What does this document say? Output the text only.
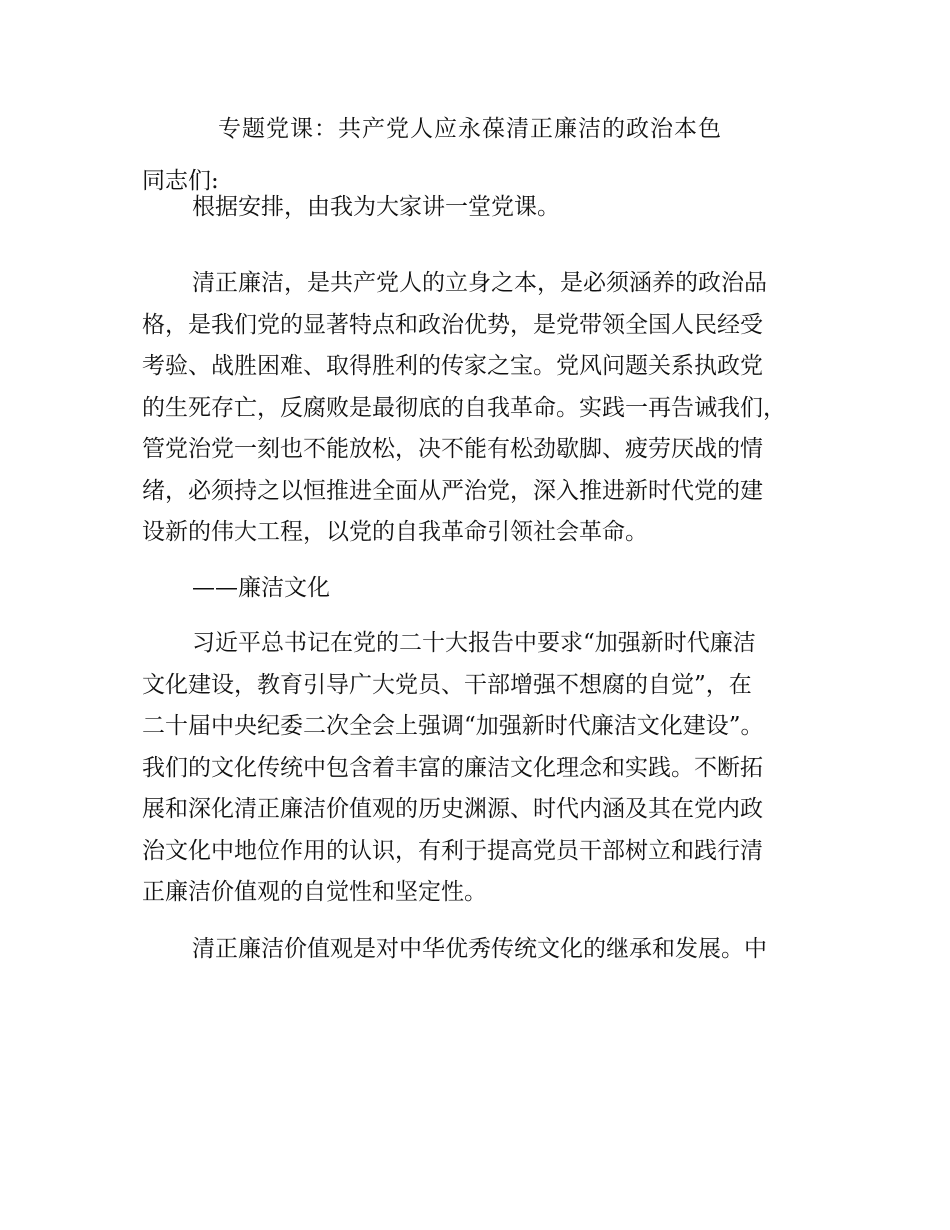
专题党课：共产党人应永葆清正廉洁的政治本色
同志们:
根据安排，由我为大家讲一堂党课。
清正廉洁，是共产党人的立身之本，是必须涵养的政治品
格，是我们党的显著特点和政治优势，是党带领全国人民经受
考验、战胜困难、取得胜利的传家之宝。党风问题关系执政党
的生死存亡，反腐败是最彻底的自我革命。实践一再告诫我们，
管党治党一刻也不能放松，决不能有松劲歇脚、疲劳厌战的情
绪，必须持之以恒推进全面从严治党，深入推进新时代党的建
设新的伟大工程，以党的自我革命引领社会革命。
——廉洁文化
习近平总书记在党的二十大报告中要求“加强新时代廉洁
文化建设，教育引导广大党员、干部增强不想腐的自觉”，在
二十届中央纪委二次全会上强调“加强新时代廉洁文化建设”。
我们的文化传统中包含着丰富的廉洁文化理念和实践。不断拓
展和深化清正廉洁价值观的历史渊源、时代内涵及其在党内政
治文化中地位作用的认识，有利于提高党员干部树立和践行清
正廉洁价值观的自觉性和坚定性。
清正廉洁价值观是对中华优秀传统文化的继承和发展。中
